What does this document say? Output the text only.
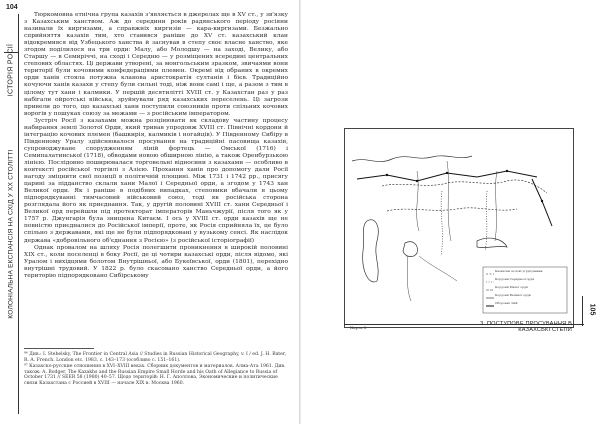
104
ІСТОРІЯ РОСІЇ
КОЛОНІАЛЬНА ЕКСПАНСІЯ НА СХІД У XX СТОЛІТТІ

Тюркомовна етнічна група казахів з'являється в джерелах ще в XV ст., у зв'язку з Казахським ханством. Аж до середини років радянського періоду росіяни називали їх киргизами, а справжніх киргизів — кара-киргизами. Безжально сприйняття казахів тим, хто ставився раніше до XV ст. казахський клан відокремився від Узбецького ханства й заснував в степу своє власне ханство, яке згодом поділилося на три орди: Малу, або Молодшу — на заході, Велику, або Старшу — в Семиріччі, на сході і Середню — у розміщених всередині центральних степових областях. Ці держави утворені, за монгольським зразком, звичаями вони території були кочовими конфедераціями племен. Окремі від обраних в окремих орди ханів стояла потужна кланова аристократія султанів і бієв. Традиційно кочуючи ханів казахи у степу були сильні тоді, ніж вони самі і ще, а разом з тим в цілому тут хани і калмики. У першій десятилітті XVIII ст. у Казахстан раз у раз набігали ойротські війська, зруйнували ряд казахських переселень. Ці загрози привели до того, що казахські хани поступили союзників проти спільних кочових ворогів у пошуках союзу за межами — з російським імператором.

Зустріч Росії з казахами можна розцінювати як складову частину процесу набирання землі Золотої Орди, який тривав упродовж XVIII ст. Північні кордони й інтеграцію кочових племен (башкирія, калмиків і ногайців). У Південному Сибіру в Південному Уралу здійснювалося просування на традиційні пасовища казахів, супроводжуване спорудженням ліній фортець — Омської (1716) і Семипалатинської (1718), обводами новою обширною лінію, а також Оренбурзькою лінією. Послідовно поширювалася торговельні відносини з казахами — особливо в контексті російської торгівлі з Азією. Прохання ханів про допомогу дали Росії нагоду зміцнити свої позиції в політичній площині. Між 1731 і 1742 рр., присягу царині за підданство склали хани Малої і Середньої орди, а згодом у 1743 хан Великої орди. Як і раніше в подібних випадках, степовики вбачали в цьому підпорядкуванні тимчасовий військовий союз, тоді як російська сторона розглядала його як приєднання. Так, у другій половині XVIII ст. хани Середньої і Великої орд перейшли під протекторат імператорів Маньчжурії, після того як у 1757 р. Джунгарія була знищена Китаєм. І ось у XVIII ст. орди казахів ще не повністю приєдналися до Російської імперії, проте, як Росія сприйняла їх, це було спільно з державами, які ще не були підпорядковані у вузькому сенсі. Як наслідок держава «добровільного об'єднання з Росією» (з російської історіографії)

Однак провалом на шляху Росія полегшити проникнення в широкій половині XIX ст., коли поселенці в боку Росії, де ці чотири казахські орди, після відомо, які Уралом і вихідцями болотом Внутрішньої, або Букеївської, орди (1801), перехідно внутрішні трудовий. У 1822 р. було скасовано ханство Середньої орди, а його територію підпорядковано Сибірському

⁹⁶ Див.: I. Stebelsky, The Frontier in Central Asia // Studies in Russian Historical Geography, v. I / ed. J. H. Bater, R. A. French. London etc. 1983, c. 143–173 (особливо с. 151–161).

⁹⁷ Казахско-русские отношения в XVI–XVIII веках. Сборник документов и материалов. Алма-Ата 1961. Див. також: A. Bodger, The Kazakhs and the Russian Empire Small Horde and his Oath of Allegiance to Russia of October 1731 // SEER 58 (1980) 40–57. Щодо територій: Н. Г. Аполлова, Экономические и политические связи Казахстана с Россией в XVIII — начале XIX в. Москва 1960.

Казахські кочові угрупування
Кордони Середньої орди
Кордони Малої орди
Кордони Великої орди
Оборонні лінії
Карта 8
3. ПОСТУПОВЕ ПРОСУВАННЯ В КАЗАХСЬКІ СТЕПИ
105
